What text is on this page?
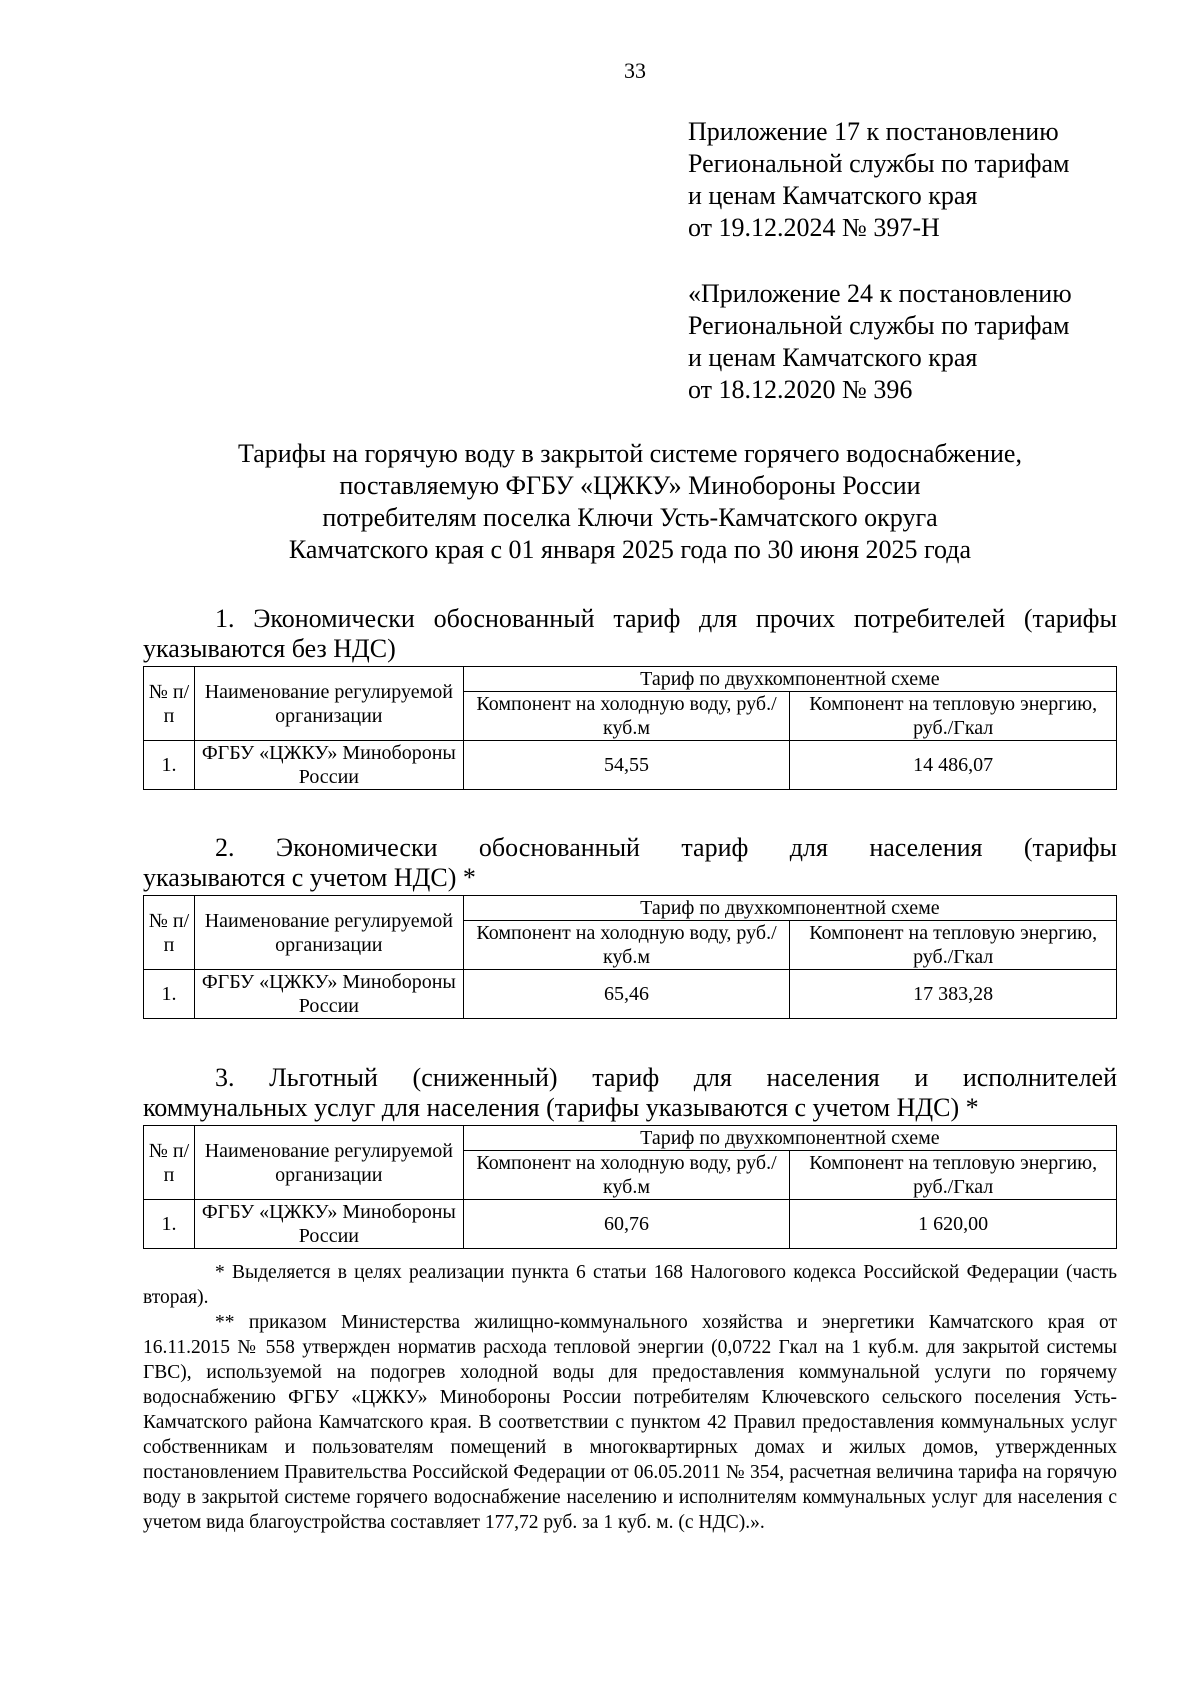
33
Приложение 17 к постановлению
Региональной службы по тарифам
и ценам Камчатского края
от 19.12.2024 № 397-Н
«Приложение 24 к постановлению
Региональной службы по тарифам
и ценам Камчатского края
от 18.12.2020 № 396
Тарифы на горячую воду в закрытой системе горячего водоснабжение,
поставляемую ФГБУ «ЦЖКУ» Минобороны России
потребителям поселка Ключи Усть-Камчатского округа
Камчатского края с 01 января 2025 года по 30 июня 2025 года
1. Экономически обоснованный тариф для прочих потребителей (тарифы
указываются без НДС)
№ п/п	Наименование регулируемой организации	Тариф по двухкомпонентной схеме	
		Компонент на холодную воду, руб./куб.м	Компонент на тепловую энергию, руб./Гкал
1.	ФГБУ «ЦЖКУ» Минобороны России	54,55	14 486,07
2. Экономически обоснованный тариф для населения (тарифы
указываются с учетом НДС) *
№ п/п	Наименование регулируемой организации	Тариф по двухкомпонентной схеме	
		Компонент на холодную воду, руб./куб.м	Компонент на тепловую энергию, руб./Гкал
1.	ФГБУ «ЦЖКУ» Минобороны России	65,46	17 383,28
3. Льготный (сниженный) тариф для населения и исполнителей
коммунальных услуг для населения (тарифы указываются с учетом НДС) *
№ п/п	Наименование регулируемой организации	Тариф по двухкомпонентной схеме	
		Компонент на холодную воду, руб./куб.м	Компонент на тепловую энергию, руб./Гкал
1.	ФГБУ «ЦЖКУ» Минобороны России	60,76	1 620,00

* Выделяется в целях реализации пункта 6 статьи 168 Налогового кодекса Российской Федерации (часть вторая).

** приказом Министерства жилищно-коммунального хозяйства и энергетики Камчатского края от 16.11.2015 № 558 утвержден норматив расхода тепловой энергии (0,0722 Гкал на 1 куб.м. для закрытой системы ГВС), используемой на подогрев холодной воды для предоставления коммунальной услуги по горячему водоснабжению ФГБУ «ЦЖКУ» Минобороны России потребителям Ключевского сельского поселения Усть-Камчатского района Камчатского края. В соответствии с пунктом 42 Правил предоставления коммунальных услуг собственникам и пользователям помещений в многоквартирных домах и жилых домов, утвержденных постановлением Правительства Российской Федерации от 06.05.2011 № 354, расчетная величина тарифа на горячую воду в закрытой системе горячего водоснабжение населению и исполнителям коммунальных услуг для населения с учетом вида благоустройства составляет 177,72 руб. за 1 куб. м. (с НДС).».
